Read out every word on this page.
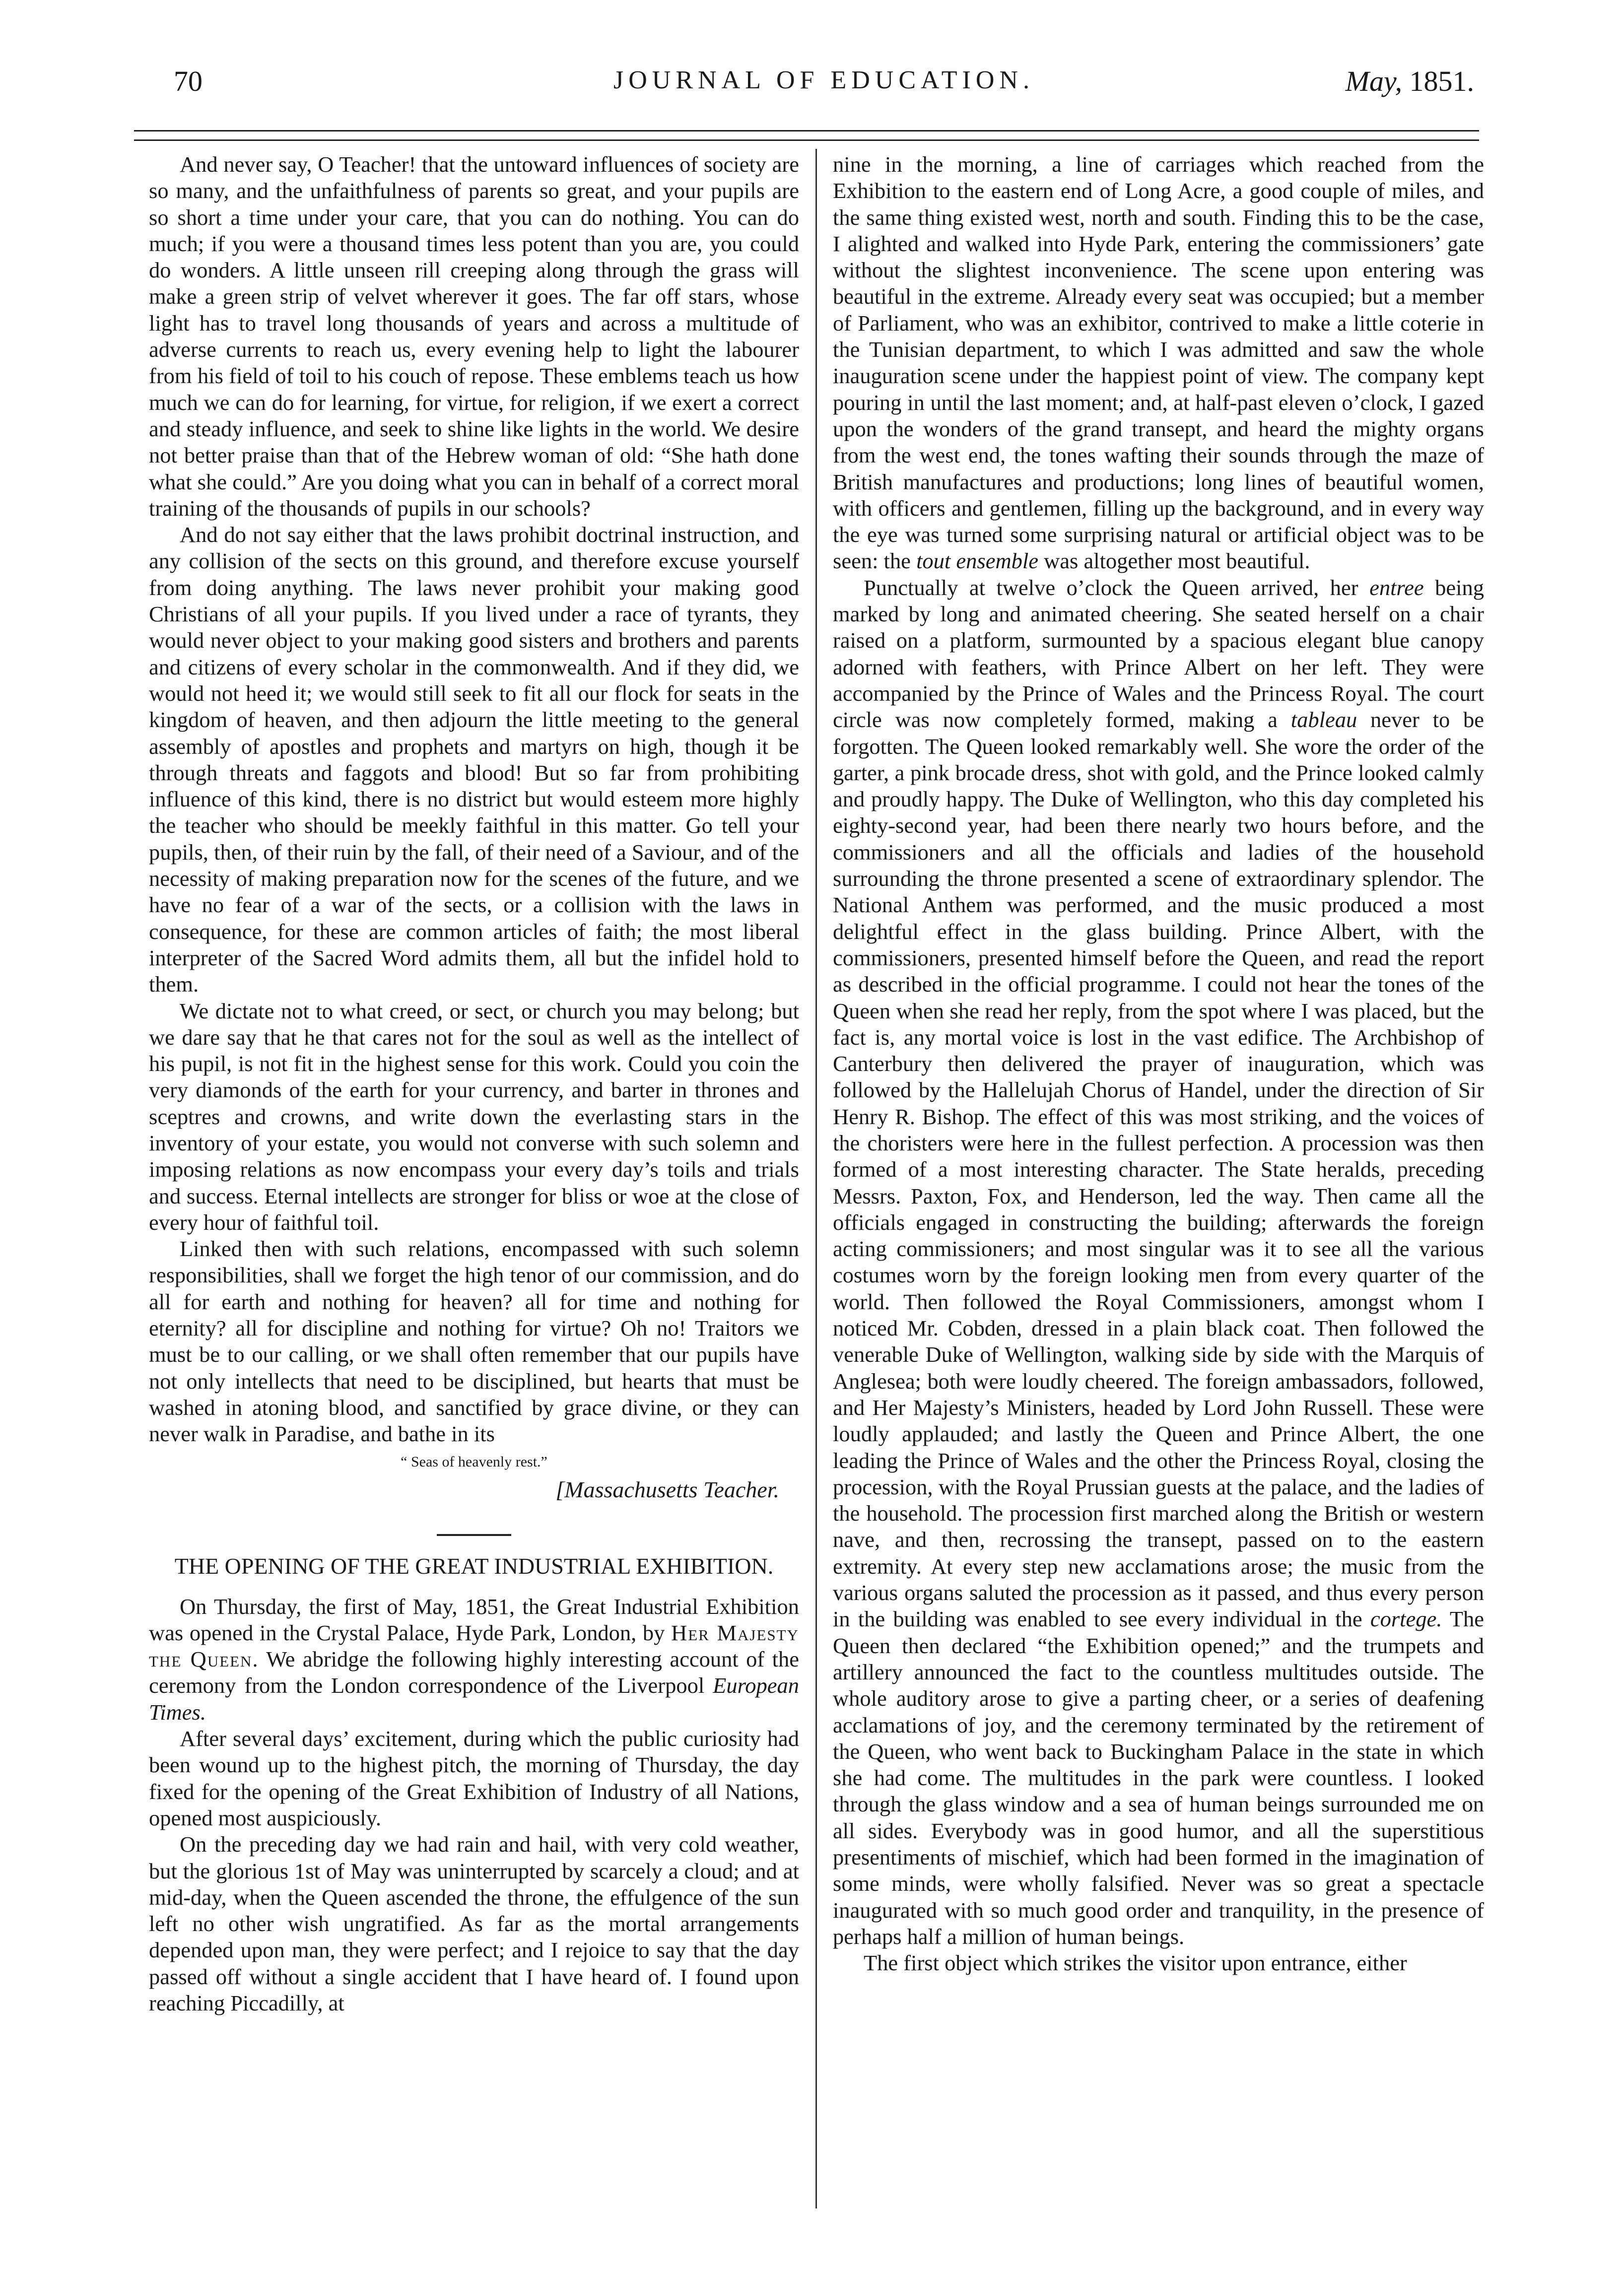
70	JOURNAL OF EDUCATION.	May, 1851.

And never say, O Teacher! that the untoward influences of society are so many, and the unfaithfulness of parents so great, and your pupils are so short a time under your care, that you can do nothing. You can do much; if you were a thousand times less potent than you are, you could do wonders. A little unseen rill creeping along through the grass will make a green strip of velvet wherever it goes. The far off stars, whose light has to travel long thousands of years and across a multitude of adverse currents to reach us, every evening help to light the labourer from his field of toil to his couch of repose. These emblems teach us how much we can do for learning, for virtue, for religion, if we exert a correct and steady influence, and seek to shine like lights in the world. We desire not better praise than that of the Hebrew woman of old: “She hath done what she could.” Are you doing what you can in behalf of a correct moral training of the thousands of pupils in our schools?

And do not say either that the laws prohibit doctrinal instruction, and any collision of the sects on this ground, and therefore excuse yourself from doing anything. The laws never prohibit your making good Christians of all your pupils. If you lived under a race of tyrants, they would never object to your making good sisters and brothers and parents and citizens of every scholar in the commonwealth. And if they did, we would not heed it; we would still seek to fit all our flock for seats in the kingdom of heaven, and then adjourn the little meeting to the general assembly of apostles and prophets and martyrs on high, though it be through threats and faggots and blood! But so far from prohibiting influence of this kind, there is no district but would esteem more highly the teacher who should be meekly faithful in this matter. Go tell your pupils, then, of their ruin by the fall, of their need of a Saviour, and of the necessity of making preparation now for the scenes of the future, and we have no fear of a war of the sects, or a collision with the laws in consequence, for these are common articles of faith; the most liberal interpreter of the Sacred Word admits them, all but the infidel hold to them.

We dictate not to what creed, or sect, or church you may belong; but we dare say that he that cares not for the soul as well as the intellect of his pupil, is not fit in the highest sense for this work. Could you coin the very diamonds of the earth for your currency, and barter in thrones and sceptres and crowns, and write down the everlasting stars in the inventory of your estate, you would not converse with such solemn and imposing relations as now encompass your every day’s toils and trials and success. Eternal intellects are stronger for bliss or woe at the close of every hour of faithful toil.

Linked then with such relations, encompassed with such solemn responsibilities, shall we forget the high tenor of our commission, and do all for earth and nothing for heaven? all for time and nothing for eternity? all for discipline and nothing for virtue? Oh no! Traitors we must be to our calling, or we shall often remember that our pupils have not only intellects that need to be disciplined, but hearts that must be washed in atoning blood, and sanctified by grace divine, or they can never walk in Paradise, and bathe in its

“ Seas of heavenly rest.”
[Massachusetts Teacher.
THE OPENING OF THE GREAT INDUSTRIAL EXHIBITION.

On Thursday, the first of May, 1851, the Great Industrial Exhibition was opened in the Crystal Palace, Hyde Park, London, by Her Majesty the Queen. We abridge the following highly interesting account of the ceremony from the London correspondence of the Liverpool European Times.

After several days’ excitement, during which the public curiosity had been wound up to the highest pitch, the morning of Thursday, the day fixed for the opening of the Great Exhibition of Industry of all Nations, opened most auspiciously.

On the preceding day we had rain and hail, with very cold weather, but the glorious 1st of May was uninterrupted by scarcely a cloud; and at mid-day, when the Queen ascended the throne, the effulgence of the sun left no other wish ungratified. As far as the mortal arrangements depended upon man, they were perfect; and I rejoice to say that the day passed off without a single accident that I have heard of. I found upon reaching Piccadilly, at

nine in the morning, a line of carriages which reached from the Exhibition to the eastern end of Long Acre, a good couple of miles, and the same thing existed west, north and south. Finding this to be the case, I alighted and walked into Hyde Park, entering the commissioners’ gate without the slightest inconvenience. The scene upon entering was beautiful in the extreme. Already every seat was occupied; but a member of Parliament, who was an exhibitor, contrived to make a little coterie in the Tunisian department, to which I was admitted and saw the whole inauguration scene under the happiest point of view. The company kept pouring in until the last moment; and, at half-past eleven o’clock, I gazed upon the wonders of the grand transept, and heard the mighty organs from the west end, the tones wafting their sounds through the maze of British manufactures and productions; long lines of beautiful women, with officers and gentlemen, filling up the background, and in every way the eye was turned some surprising natural or artificial object was to be seen: the tout ensemble was altogether most beautiful.

Punctually at twelve o’clock the Queen arrived, her entree being marked by long and animated cheering. She seated herself on a chair raised on a platform, surmounted by a spacious elegant blue canopy adorned with feathers, with Prince Albert on her left. They were accompanied by the Prince of Wales and the Princess Royal. The court circle was now completely formed, making a tableau never to be forgotten. The Queen looked remarkably well. She wore the order of the garter, a pink brocade dress, shot with gold, and the Prince looked calmly and proudly happy. The Duke of Wellington, who this day completed his eighty-second year, had been there nearly two hours before, and the commissioners and all the officials and ladies of the household surrounding the throne presented a scene of extraordinary splendor. The National Anthem was performed, and the music produced a most delightful effect in the glass building. Prince Albert, with the commissioners, presented himself before the Queen, and read the report as described in the official programme. I could not hear the tones of the Queen when she read her reply, from the spot where I was placed, but the fact is, any mortal voice is lost in the vast edifice. The Archbishop of Canterbury then delivered the prayer of inauguration, which was followed by the Hallelujah Chorus of Handel, under the direction of Sir Henry R. Bishop. The effect of this was most striking, and the voices of the choristers were here in the fullest perfection. A procession was then formed of a most interesting character. The State heralds, preceding Messrs. Paxton, Fox, and Henderson, led the way. Then came all the officials engaged in constructing the building; afterwards the foreign acting commissioners; and most singular was it to see all the various costumes worn by the foreign looking men from every quarter of the world. Then followed the Royal Commissioners, amongst whom I noticed Mr. Cobden, dressed in a plain black coat. Then followed the venerable Duke of Wellington, walking side by side with the Marquis of Anglesea; both were loudly cheered. The foreign ambassadors, followed, and Her Majesty’s Ministers, headed by Lord John Russell. These were loudly applauded; and lastly the Queen and Prince Albert, the one leading the Prince of Wales and the other the Princess Royal, closing the procession, with the Royal Prussian guests at the palace, and the ladies of the household. The procession first marched along the British or western nave, and then, recrossing the transept, passed on to the eastern extremity. At every step new acclamations arose; the music from the various organs saluted the procession as it passed, and thus every person in the building was enabled to see every individual in the cortege. The Queen then declared “the Exhibition opened;” and the trumpets and artillery announced the fact to the countless multitudes outside. The whole auditory arose to give a parting cheer, or a series of deafening acclamations of joy, and the ceremony terminated by the retirement of the Queen, who went back to Buckingham Palace in the state in which she had come. The multitudes in the park were countless. I looked through the glass window and a sea of human beings surrounded me on all sides. Everybody was in good humor, and all the superstitious presentiments of mischief, which had been formed in the imagination of some minds, were wholly falsified. Never was so great a spectacle inaugurated with so much good order and tranquility, in the presence of perhaps half a million of human beings.

The first object which strikes the visitor upon entrance, either
